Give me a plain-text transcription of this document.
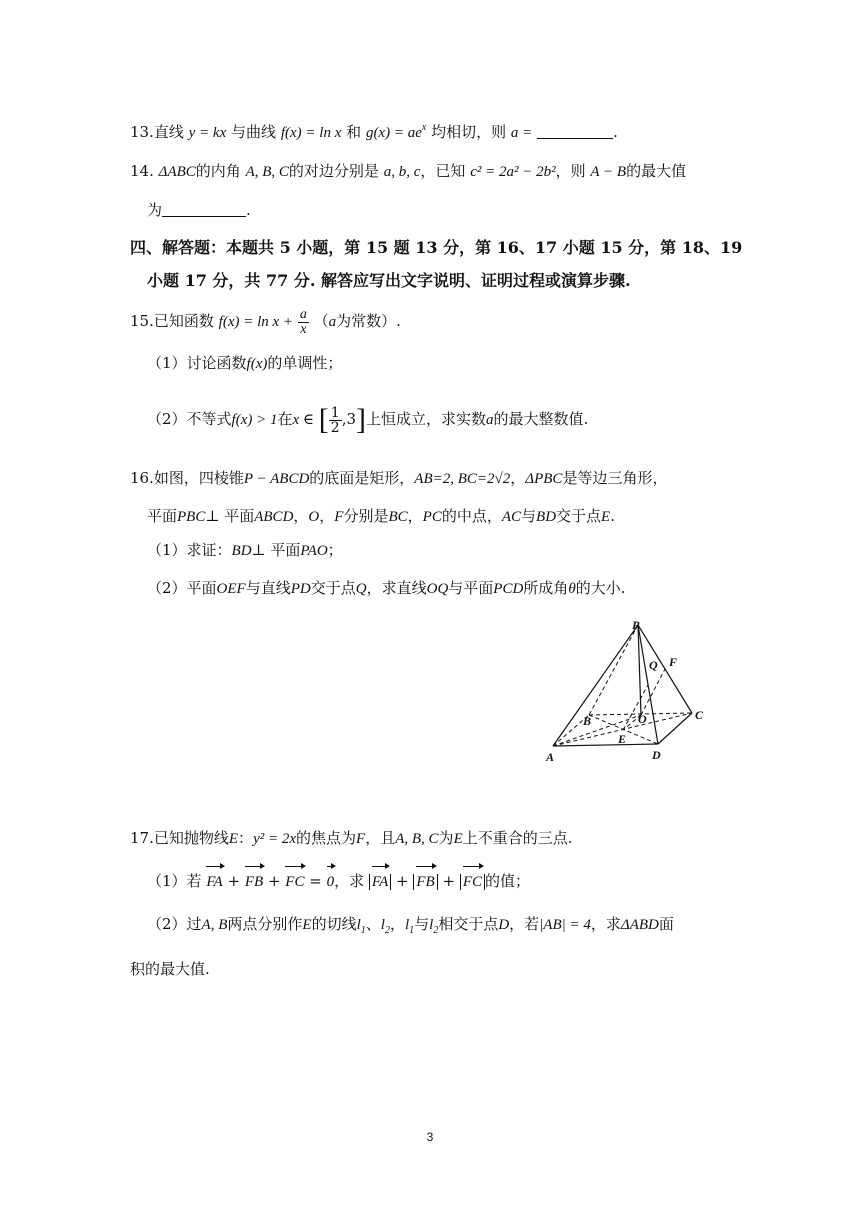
13.直线 y = kx 与曲线 f(x) = ln x 和 $g(x) = ae^x$ 均相切，则 a =	.
14. ΔABC的内角 A, B, C的对边分别是 a, b, c，已知 c² = 2a² − 2b²，则 A − B的最大值
为	.
四、解答题：本题共 5 小题，第 15 题 13 分，第 16、17 小题 15 分，第 18、19
小题 17 分，共 77 分. 解答应写出文字说明、证明过程或演算步骤.
15.已知函数 $f(x) = \ln x + \frac{a}{x} (a$为常数）.
（1）讨论函数f(x)的单调性；
（2）不等式f(x) > 1在x ∈ [ $\frac{1}{2} ,3$]上恒成立，求实数a的最大整数值.
16.如图，四棱锥P − ABCD的底面是矩形，AB=2, BC=2√2，ΔPBC是等边三角形，
平面PBC⊥ 平面ABCD，O，F分别是BC，PC的中点，AC与BD交于点E.
（1）求证：BD⊥ 平面PAO；
（2）平面OEF与直线PD交于点Q，求直线OQ与平面PCD所成角θ的大小.
P
Q F
B	O	C
E
A	D
17.已知抛物线E：y² = 2x的焦点为F，且A, B, C为E上不重合的三点.
（1）若 FA + FB + FC = 0，求 FA + FB + FC 的值；
（2）过A, B两点分别作E的切线$l_1$、$l_2$，$l_1$与$l_2$相交于点D，若|AB| = 4，求ΔABD面
积的最大值.
3
